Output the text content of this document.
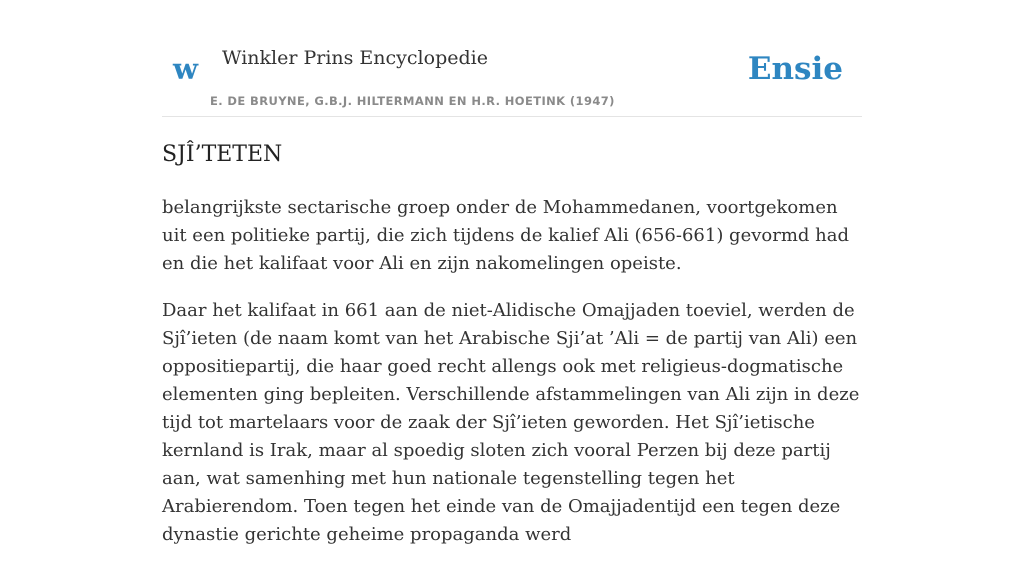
w Winkler Prins Encyclopedie
E. DE BRUYNE, G.B.J. HILTERMANN EN H.R. HOETINK (1947)
Ensie
SJÎ’TETEN

belangrijkste sectarische groep onder de Mohammedanen, voortgekomen uit een politieke partij, die zich tijdens de kalief Ali (656-661) gevormd had en die het kalifaat voor Ali en zijn nakomelingen opeiste.

Daar het kalifaat in 661 aan de niet-Alidische Omajjaden toeviel, werden de Sjî’ieten (de naam komt van het Arabische Sji’at ’Ali = de partij van Ali) een oppositiepartij, die haar goed recht allengs ook met religieus-dogmatische elementen ging bepleiten. Verschillende afstammelingen van Ali zijn in deze tijd tot martelaars voor de zaak der Sjî’ieten geworden. Het Sjî’ietische kernland is Irak, maar al spoedig sloten zich vooral Perzen bij deze partij aan, wat samenhing met hun nationale tegenstelling tegen het Arabierendom. Toen tegen het einde van de Omajjadentijd een tegen deze dynastie gerichte geheime propaganda werd
